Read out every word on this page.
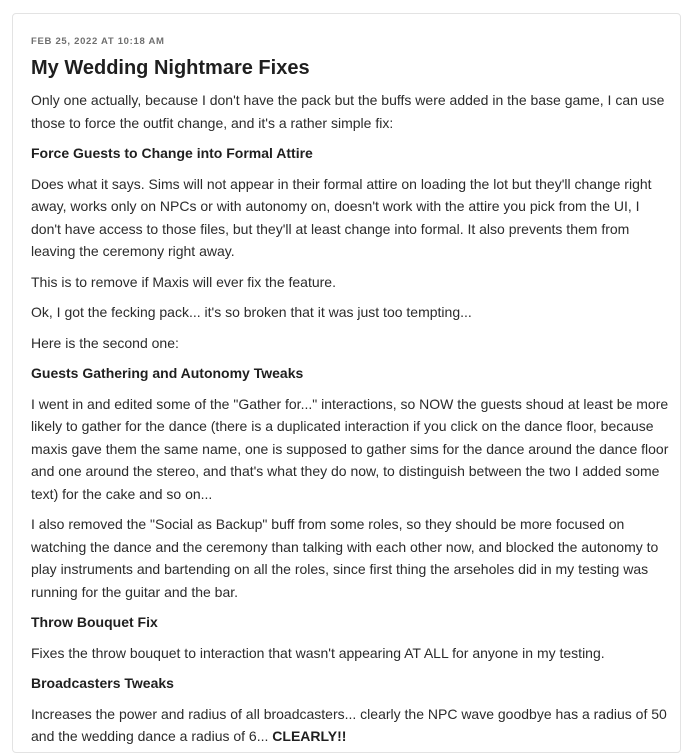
FEB 25, 2022 AT 10:18 AM
My Wedding Nightmare Fixes

Only one actually, because I don't have the pack but the buffs were added in the base game, I can use those to force the outfit change, and it's a rather simple fix:

Force Guests to Change into Formal Attire

Does what it says. Sims will not appear in their formal attire on loading the lot but they'll change right away, works only on NPCs or with autonomy on, doesn't work with the attire you pick from the UI, I don't have access to those files, but they'll at least change into formal. It also prevents them from leaving the ceremony right away.

This is to remove if Maxis will ever fix the feature.

Ok, I got the fecking pack... it's so broken that it was just too tempting...

Here is the second one:

Guests Gathering and Autonomy Tweaks

I went in and edited some of the "Gather for..." interactions, so NOW the guests shoud at least be more likely to gather for the dance (there is a duplicated interaction if you click on the dance floor, because maxis gave them the same name, one is supposed to gather sims for the dance around the dance floor and one around the stereo, and that's what they do now, to distinguish between the two I added some text) for the cake and so on...

I also removed the "Social as Backup" buff from some roles, so they should be more focused on watching the dance and the ceremony than talking with each other now, and blocked the autonomy to play instruments and bartending on all the roles, since first thing the arseholes did in my testing was running for the guitar and the bar.

Throw Bouquet Fix

Fixes the throw bouquet to interaction that wasn't appearing AT ALL for anyone in my testing.

Broadcasters Tweaks

Increases the power and radius of all broadcasters... clearly the NPC wave goodbye has a radius of 50 and the wedding dance a radius of 6... CLEARLY!!
